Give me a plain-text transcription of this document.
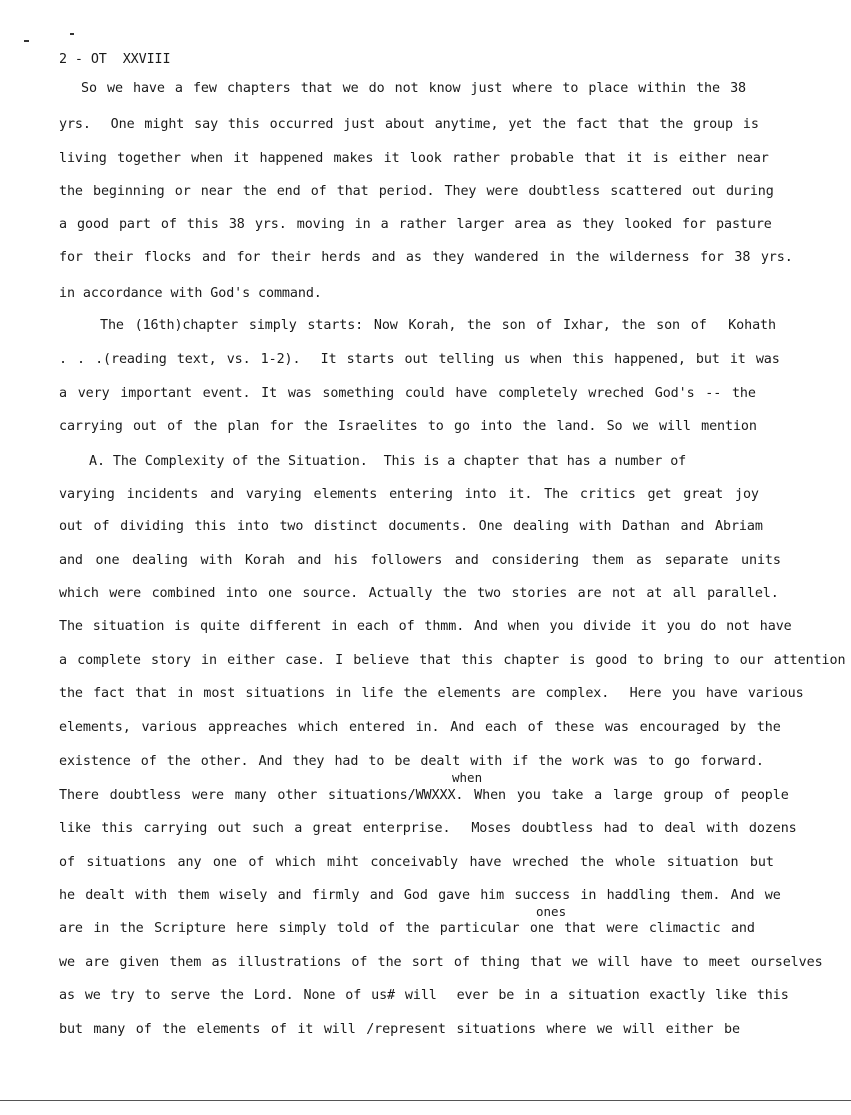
2 - OT  XXVIII
So we have a few chapters that we do not know just where to place within the 38
yrs.  One might say this occurred just about anytime, yet the fact that the group is
living together when it happened makes it look rather probable that it is either near
the beginning or near the end of that period. They were doubtless scattered out during
a good part of this 38 yrs. moving in a rather larger area as they looked for pasture
for their flocks and for their herds and as they wandered in the wilderness for 38 yrs.
in accordance with God's command.
The (16th)chapter simply starts: Now Korah, the son of Ixhar, the son of  Kohath
. . .(reading text, vs. 1-2).  It starts out telling us when this happened, but it was
a very important event. It was something could have completely wreched God's -- the
carrying out of the plan for the Israelites to go into the land. So we will mention
A. The Complexity of the Situation.  This is a chapter that has a number of
varying incidents and varying elements entering into it. The critics get great joy
out of dividing this into two distinct documents. One dealing with Dathan and Abriam
and one dealing with Korah and his followers and considering them as separate units
which were combined into one source. Actually the two stories are not at all parallel.
The situation is quite different in each of thmm. And when you divide it you do not have
a complete story in either case. I believe that this chapter is good to bring to our attention
the fact that in most situations in life the elements are complex.  Here you have various
elements, various appreaches which entered in. And each of these was encouraged by the
existence of the other. And they had to be dealt with if the work was to go forward.
when
There doubtless were many other situations/WWXXX. When you take a large group of people
like this carrying out such a great enterprise.  Moses doubtless had to deal with dozens
of situations any one of which miht conceivably have wreched the whole situation but
he dealt with them wisely and firmly and God gave him success in haddling them. And we
ones
are in the Scripture here simply told of the particular one that were climactic and
we are given them as illustrations of the sort of thing that we will have to meet ourselves
as we try to serve the Lord. None of us# will  ever be in a situation exactly like this
but many of the elements of it will /represent situations where we will either be
